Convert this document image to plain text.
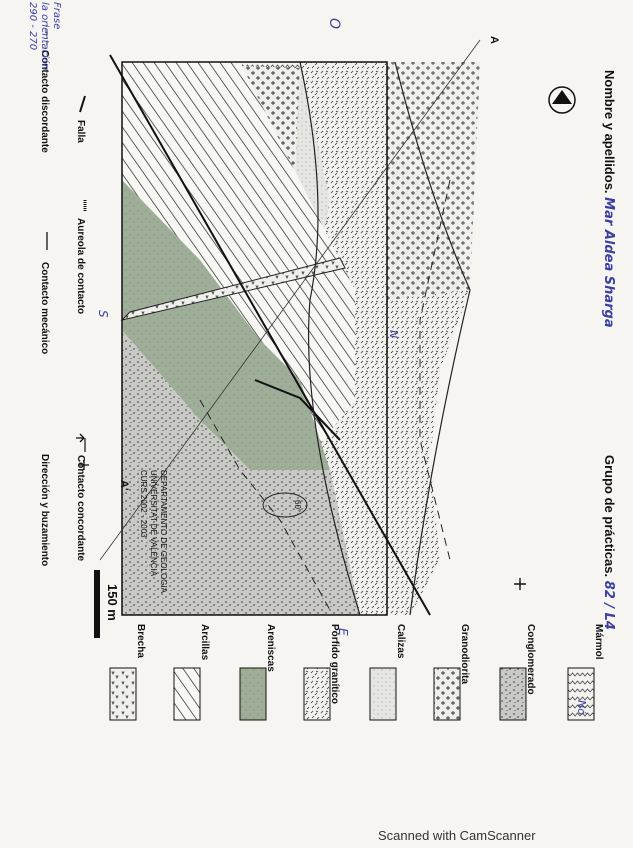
Nombre y apellidos. Mar Aldea Sharga
Grupo de prácticas. 82 / L4
DEPARTAMENTO DE GEOLOGIA
UNIVERSITAT DE VALÈNCIA
CURS 2002 - 2003
150 m
A
A'
60°
Mármol
Conglomerado
Granodiorita
Calizas
Pórfido granítico
Areniscas
Arcillas
Brecha
Falla
Aureola de contacto
Contacto mecánico
Contacto concordante
Contacto discordante
Dirección y buzamiento
Frase
la orientación
290 - 270
Nó
O
S
N
E
Scanned with CamScanner
